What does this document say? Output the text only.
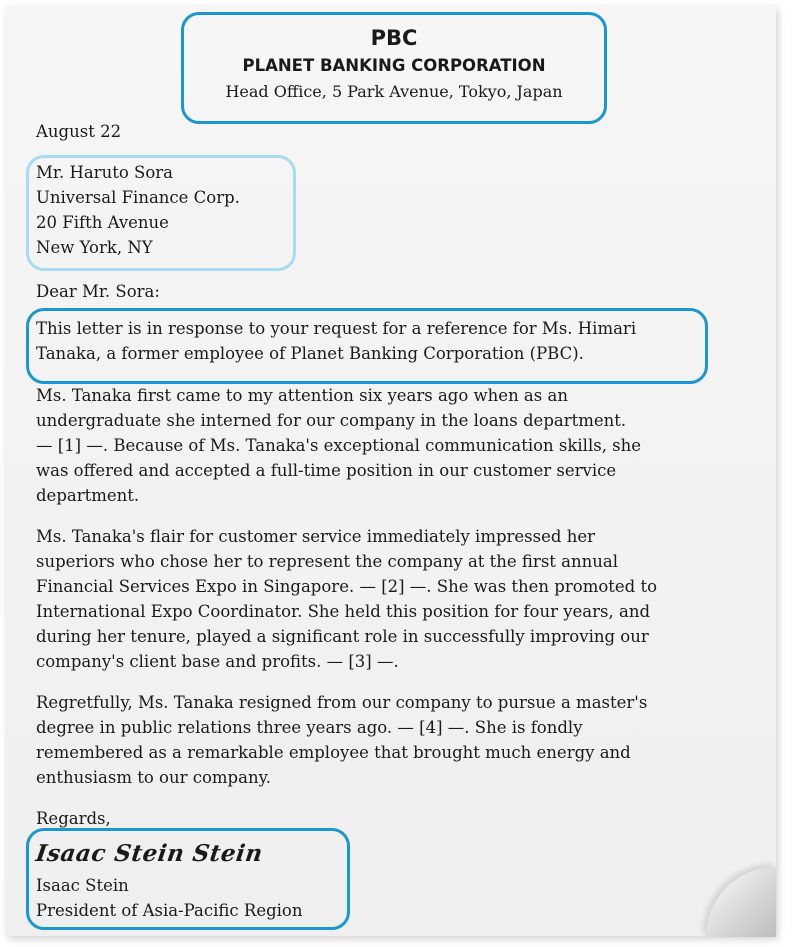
PBC
PLANET BANKING CORPORATION
Head Office, 5 Park Avenue, Tokyo, Japan
August 22
Mr. Haruto Sora
Universal Finance Corp.
20 Fifth Avenue
New York, NY
Dear Mr. Sora:
This letter is in response to your request for a reference for Ms. Himari
Tanaka, a former employee of Planet Banking Corporation (PBC).
Ms. Tanaka first came to my attention six years ago when as an
undergraduate she interned for our company in the loans department.
— [1] —. Because of Ms. Tanaka's exceptional communication skills, she
was offered and accepted a full-time position in our customer service
department.
Ms. Tanaka's flair for customer service immediately impressed her
superiors who chose her to represent the company at the first annual
Financial Services Expo in Singapore. — [2] —. She was then promoted to
International Expo Coordinator. She held this position for four years, and
during her tenure, played a significant role in successfully improving our
company's client base and profits. — [3] —.
Regretfully, Ms. Tanaka resigned from our company to pursue a master's
degree in public relations three years ago. — [4] —. She is fondly
remembered as a remarkable employee that brought much energy and
enthusiasm to our company.
Regards,
Isaac Stein Stein
Isaac Stein
President of Asia-Pacific Region
